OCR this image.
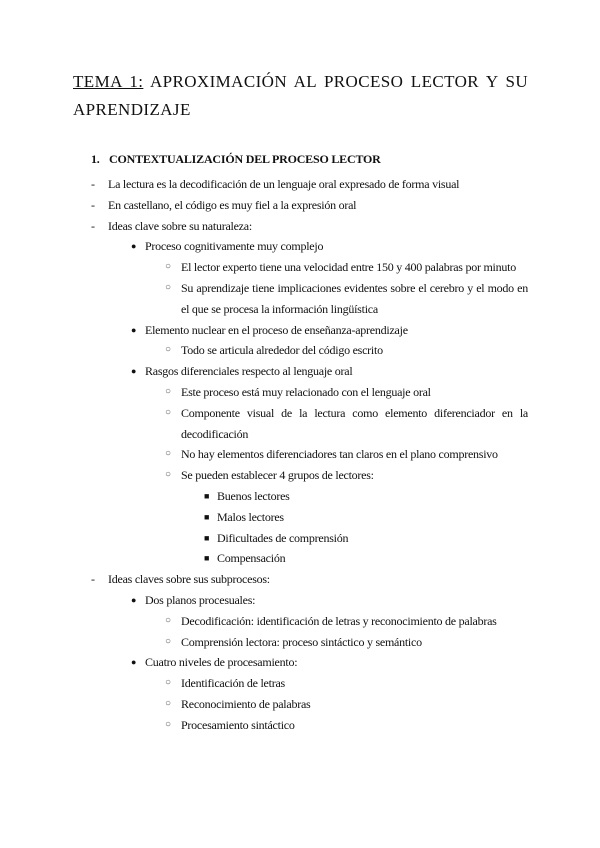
TEMA 1: APROXIMACIÓN AL PROCESO LECTOR Y SU APRENDIZAJE
1. CONTEXTUALIZACIÓN DEL PROCESO LECTOR
- La lectura es la decodificación de un lenguaje oral expresado de forma visual
- En castellano, el código es muy fiel a la expresión oral
- Ideas clave sobre su naturaleza:
● Proceso cognitivamente muy complejo
○ El lector experto tiene una velocidad entre 150 y 400 palabras por minuto
○ Su aprendizaje tiene implicaciones evidentes sobre el cerebro y el modo en el que se procesa la información lingüística
● Elemento nuclear en el proceso de enseñanza-aprendizaje
○ Todo se articula alrededor del código escrito
● Rasgos diferenciales respecto al lenguaje oral
○ Este proceso está muy relacionado con el lenguaje oral
○ Componente visual de la lectura como elemento diferenciador en la decodificación
○ No hay elementos diferenciadores tan claros en el plano comprensivo
○ Se pueden establecer 4 grupos de lectores:
■ Buenos lectores
■ Malos lectores
■ Dificultades de comprensión
■ Compensación
- Ideas claves sobre sus subprocesos:
● Dos planos procesuales:
○ Decodificación: identificación de letras y reconocimiento de palabras
○ Comprensión lectora: proceso sintáctico y semántico
● Cuatro niveles de procesamiento:
○ Identificación de letras
○ Reconocimiento de palabras
○ Procesamiento sintáctico
